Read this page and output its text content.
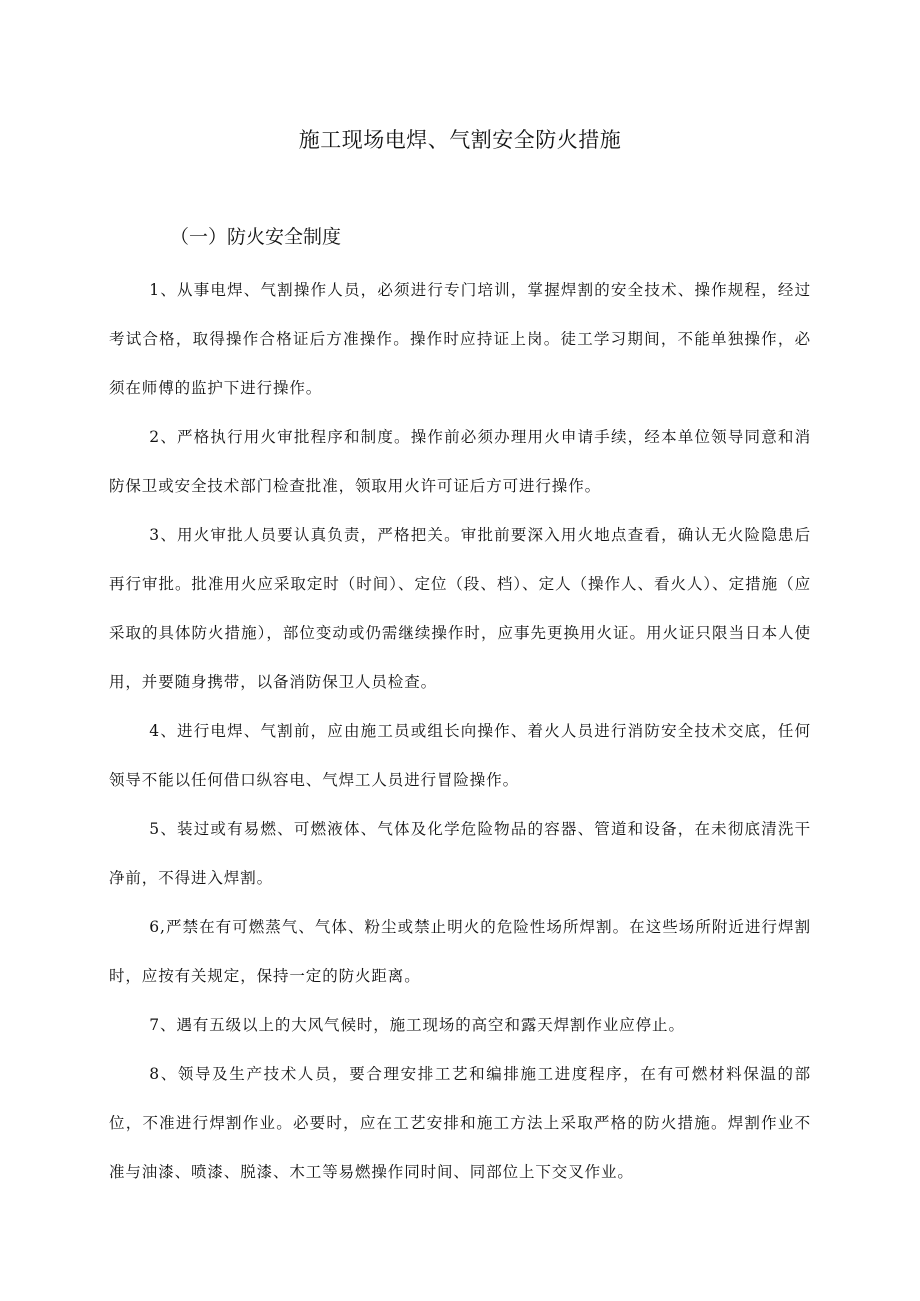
施工现场电焊、气割安全防火措施
（一）防火安全制度

1、从事电焊、气割操作人员，必须进行专门培训，掌握焊割的安全技术、操作规程，经过考试合格，取得操作合格证后方准操作。操作时应持证上岗。徒工学习期间，不能单独操作，必须在师傅的监护下进行操作。

2、严格执行用火审批程序和制度。操作前必须办理用火申请手续，经本单位领导同意和消防保卫或安全技术部门检查批准，领取用火许可证后方可进行操作。

3、用火审批人员要认真负责，严格把关。审批前要深入用火地点查看，确认无火险隐患后再行审批。批准用火应采取定时（时间）、定位（段、档）、定人（操作人、看火人）、定措施（应采取的具体防火措施），部位变动或仍需继续操作时，应事先更换用火证。用火证只限当日本人使用，并要随身携带，以备消防保卫人员检查。

4、进行电焊、气割前，应由施工员或组长向操作、着火人员进行消防安全技术交底，任何领导不能以任何借口纵容电、气焊工人员进行冒险操作。

5、装过或有易燃、可燃液体、气体及化学危险物品的容器、管道和设备，在未彻底清洗干净前，不得进入焊割。

6,严禁在有可燃蒸气、气体、粉尘或禁止明火的危险性场所焊割。在这些场所附近进行焊割时，应按有关规定，保持一定的防火距离。

7、遇有五级以上的大风气候时，施工现场的高空和露天焊割作业应停止。

8、领导及生产技术人员，要合理安排工艺和编排施工进度程序，在有可燃材料保温的部位，不准进行焊割作业。必要时，应在工艺安排和施工方法上采取严格的防火措施。焊割作业不准与油漆、喷漆、脱漆、木工等易燃操作同时间、同部位上下交叉作业。
